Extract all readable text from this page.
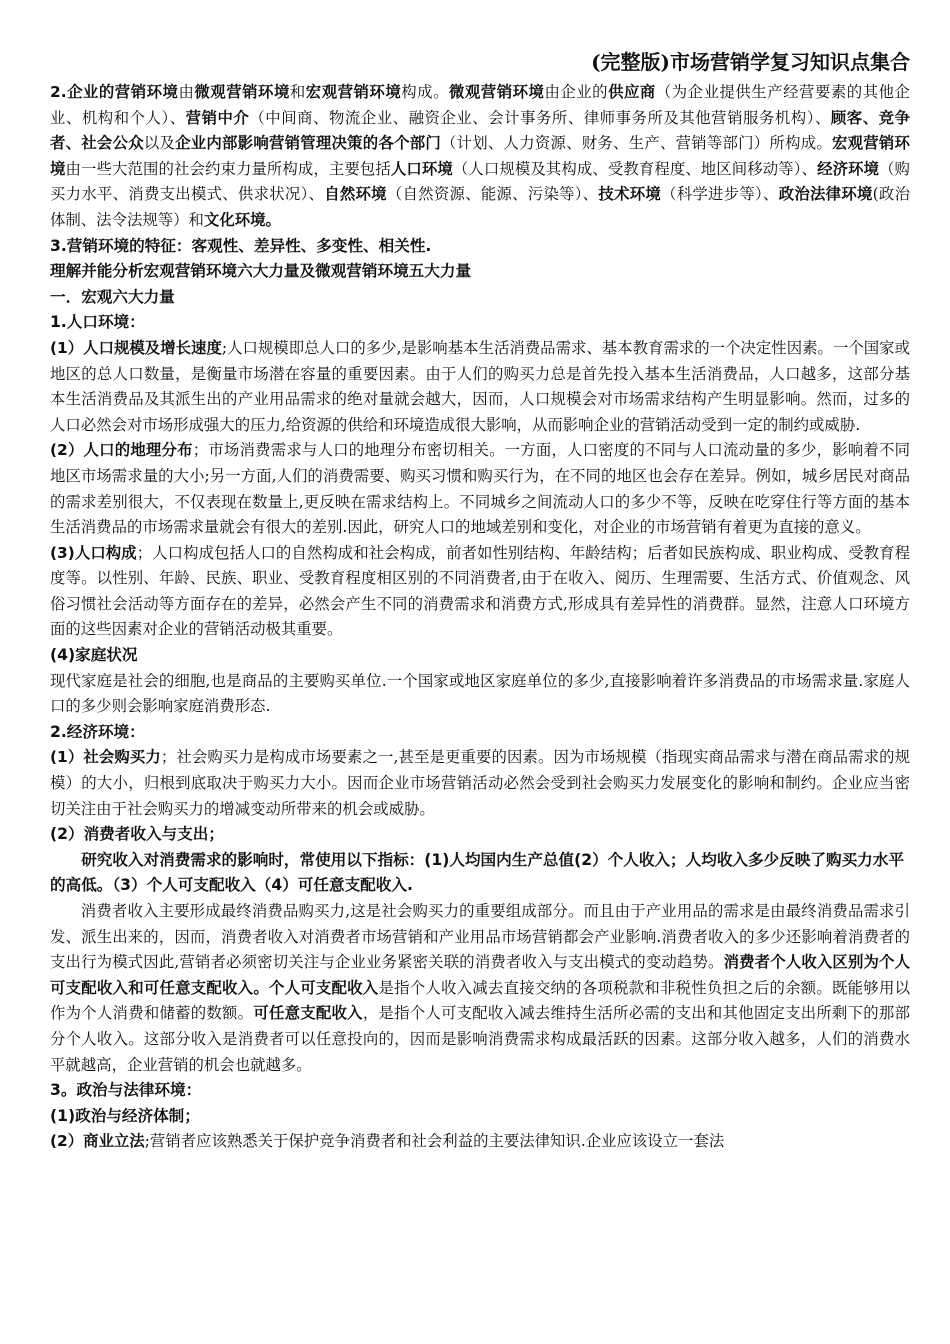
(完整版)市场营销学复习知识点集合
2.企业的营销环境由微观营销环境和宏观营销环境构成。微观营销环境由企业的供应商（为企业提供生产经营要素的其他企业、机构和个人）、营销中介（中间商、物流企业、融资企业、会计事务所、律师事务所及其他营销服务机构）、顾客、竞争者、社会公众以及企业内部影响营销管理决策的各个部门（计划、人力资源、财务、生产、营销等部门）所构成。宏观营销环境由一些大范围的社会约束力量所构成，主要包括人口环境（人口规模及其构成、受教育程度、地区间移动等）、经济环境（购买力水平、消费支出模式、供求状况）、自然环境（自然资源、能源、污染等）、技术环境（科学进步等）、政治法律环境(政治体制、法令法规等）和文化环境。
3.营销环境的特征：客观性、差异性、多变性、相关性.
理解并能分析宏观营销环境六大力量及微观营销环境五大力量
一．宏观六大力量
1.人口环境：
(1）人口规模及增长速度;人口规模即总人口的多少,是影响基本生活消费品需求、基本教育需求的一个决定性因素。一个国家或地区的总人口数量，是衡量市场潜在容量的重要因素。由于人们的购买力总是首先投入基本生活消费品，人口越多，这部分基本生活消费品及其派生出的产业用品需求的绝对量就会越大，因而，人口规模会对市场需求结构产生明显影响。然而，过多的人口必然会对市场形成强大的压力,给资源的供给和环境造成很大影响，从而影响企业的营销活动受到一定的制约或威胁.
(2）人口的地理分布；市场消费需求与人口的地理分布密切相关。一方面，人口密度的不同与人口流动量的多少，影响着不同地区市场需求量的大小;另一方面,人们的消费需要、购买习惯和购买行为，在不同的地区也会存在差异。例如，城乡居民对商品的需求差别很大，不仅表现在数量上,更反映在需求结构上。不同城乡之间流动人口的多少不等，反映在吃穿住行等方面的基本生活消费品的市场需求量就会有很大的差别.因此，研究人口的地域差别和变化，对企业的市场营销有着更为直接的意义。
(3)人口构成；人口构成包括人口的自然构成和社会构成，前者如性别结构、年龄结构；后者如民族构成、职业构成、受教育程度等。以性别、年龄、民族、职业、受教育程度相区别的不同消费者,由于在收入、阅历、生理需要、生活方式、价值观念、风俗习惯社会活动等方面存在的差异，必然会产生不同的消费需求和消费方式,形成具有差异性的消费群。显然，注意人口环境方面的这些因素对企业的营销活动极其重要。
(4)家庭状况
现代家庭是社会的细胞,也是商品的主要购买单位.一个国家或地区家庭单位的多少,直接影响着许多消费品的市场需求量.家庭人口的多少则会影响家庭消费形态.
2.经济环境：
(1）社会购买力；社会购买力是构成市场要素之一,甚至是更重要的因素。因为市场规模（指现实商品需求与潜在商品需求的规模）的大小，归根到底取决于购买力大小。因而企业市场营销活动必然会受到社会购买力发展变化的影响和制约。企业应当密切关注由于社会购买力的增减变动所带来的机会或威胁。
(2）消费者收入与支出；
研究收入对消费需求的影响时，常使用以下指标：(1)人均国内生产总值(2）个人收入；人均收入多少反映了购买力水平的高低。（3）个人可支配收入（4）可任意支配收入.
消费者收入主要形成最终消费品购买力,这是社会购买力的重要组成部分。而且由于产业用品的需求是由最终消费品需求引发、派生出来的，因而，消费者收入对消费者市场营销和产业用品市场营销都会产业影响.消费者收入的多少还影响着消费者的支出行为模式因此,营销者必须密切关注与企业业务紧密关联的消费者收入与支出模式的变动趋势。消费者个人收入区别为个人可支配收入和可任意支配收入。个人可支配收入是指个人收入减去直接交纳的各项税款和非税性负担之后的余额。既能够用以作为个人消费和储蓄的数额。可任意支配收入，是指个人可支配收入减去维持生活所必需的支出和其他固定支出所剩下的那部分个人收入。这部分收入是消费者可以任意投向的，因而是影响消费需求构成最活跃的因素。这部分收入越多，人们的消费水平就越高，企业营销的机会也就越多。
3。政治与法律环境：
(1)政治与经济体制；
(2）商业立法;营销者应该熟悉关于保护竞争消费者和社会利益的主要法律知识.企业应该设立一套法
